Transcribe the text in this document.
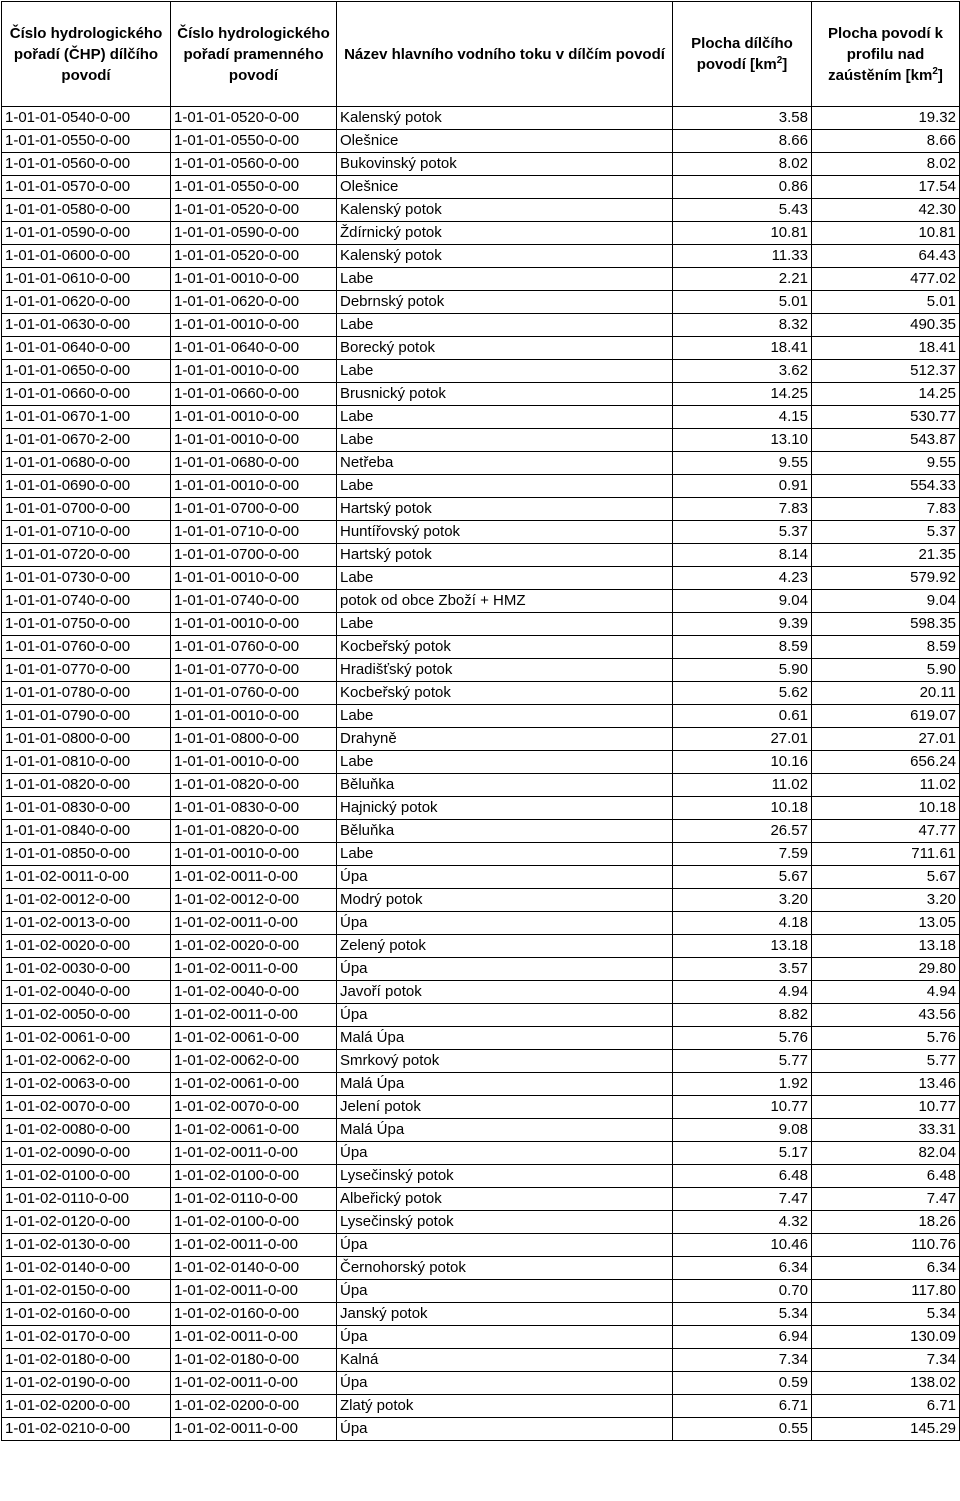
Číslo hydrologického pořadí (ČHP) dílčího povodí	Číslo hydrologického pořadí pramenného povodí	Název hlavního vodního toku v dílčím povodí	Plocha dílčího povodí $[km^2]$	Plocha povodí k profilu nad zaústěním $[km^2]$
1-01-01-0540-0-00	1-01-01-0520-0-00	Kalenský potok	3.58	19.32
1-01-01-0550-0-00	1-01-01-0550-0-00	Olešnice	8.66	8.66
1-01-01-0560-0-00	1-01-01-0560-0-00	Bukovinský potok	8.02	8.02
1-01-01-0570-0-00	1-01-01-0550-0-00	Olešnice	0.86	17.54
1-01-01-0580-0-00	1-01-01-0520-0-00	Kalenský potok	5.43	42.30
1-01-01-0590-0-00	1-01-01-0590-0-00	Ždírnický potok	10.81	10.81
1-01-01-0600-0-00	1-01-01-0520-0-00	Kalenský potok	11.33	64.43
1-01-01-0610-0-00	1-01-01-0010-0-00	Labe	2.21	477.02
1-01-01-0620-0-00	1-01-01-0620-0-00	Debrnský potok	5.01	5.01
1-01-01-0630-0-00	1-01-01-0010-0-00	Labe	8.32	490.35
1-01-01-0640-0-00	1-01-01-0640-0-00	Borecký potok	18.41	18.41
1-01-01-0650-0-00	1-01-01-0010-0-00	Labe	3.62	512.37
1-01-01-0660-0-00	1-01-01-0660-0-00	Brusnický potok	14.25	14.25
1-01-01-0670-1-00	1-01-01-0010-0-00	Labe	4.15	530.77
1-01-01-0670-2-00	1-01-01-0010-0-00	Labe	13.10	543.87
1-01-01-0680-0-00	1-01-01-0680-0-00	Netřeba	9.55	9.55
1-01-01-0690-0-00	1-01-01-0010-0-00	Labe	0.91	554.33
1-01-01-0700-0-00	1-01-01-0700-0-00	Hartský potok	7.83	7.83
1-01-01-0710-0-00	1-01-01-0710-0-00	Huntířovský potok	5.37	5.37
1-01-01-0720-0-00	1-01-01-0700-0-00	Hartský potok	8.14	21.35
1-01-01-0730-0-00	1-01-01-0010-0-00	Labe	4.23	579.92
1-01-01-0740-0-00	1-01-01-0740-0-00	potok od obce Zboží + HMZ	9.04	9.04
1-01-01-0750-0-00	1-01-01-0010-0-00	Labe	9.39	598.35
1-01-01-0760-0-00	1-01-01-0760-0-00	Kocbeřský potok	8.59	8.59
1-01-01-0770-0-00	1-01-01-0770-0-00	Hradišťský potok	5.90	5.90
1-01-01-0780-0-00	1-01-01-0760-0-00	Kocbeřský potok	5.62	20.11
1-01-01-0790-0-00	1-01-01-0010-0-00	Labe	0.61	619.07
1-01-01-0800-0-00	1-01-01-0800-0-00	Drahyně	27.01	27.01
1-01-01-0810-0-00	1-01-01-0010-0-00	Labe	10.16	656.24
1-01-01-0820-0-00	1-01-01-0820-0-00	Běluňka	11.02	11.02
1-01-01-0830-0-00	1-01-01-0830-0-00	Hajnický potok	10.18	10.18
1-01-01-0840-0-00	1-01-01-0820-0-00	Běluňka	26.57	47.77
1-01-01-0850-0-00	1-01-01-0010-0-00	Labe	7.59	711.61
1-01-02-0011-0-00	1-01-02-0011-0-00	Úpa	5.67	5.67
1-01-02-0012-0-00	1-01-02-0012-0-00	Modrý potok	3.20	3.20
1-01-02-0013-0-00	1-01-02-0011-0-00	Úpa	4.18	13.05
1-01-02-0020-0-00	1-01-02-0020-0-00	Zelený potok	13.18	13.18
1-01-02-0030-0-00	1-01-02-0011-0-00	Úpa	3.57	29.80
1-01-02-0040-0-00	1-01-02-0040-0-00	Javoří potok	4.94	4.94
1-01-02-0050-0-00	1-01-02-0011-0-00	Úpa	8.82	43.56
1-01-02-0061-0-00	1-01-02-0061-0-00	Malá Úpa	5.76	5.76
1-01-02-0062-0-00	1-01-02-0062-0-00	Smrkový potok	5.77	5.77
1-01-02-0063-0-00	1-01-02-0061-0-00	Malá Úpa	1.92	13.46
1-01-02-0070-0-00	1-01-02-0070-0-00	Jelení potok	10.77	10.77
1-01-02-0080-0-00	1-01-02-0061-0-00	Malá Úpa	9.08	33.31
1-01-02-0090-0-00	1-01-02-0011-0-00	Úpa	5.17	82.04
1-01-02-0100-0-00	1-01-02-0100-0-00	Lysečinský potok	6.48	6.48
1-01-02-0110-0-00	1-01-02-0110-0-00	Albeřický potok	7.47	7.47
1-01-02-0120-0-00	1-01-02-0100-0-00	Lysečinský potok	4.32	18.26
1-01-02-0130-0-00	1-01-02-0011-0-00	Úpa	10.46	110.76
1-01-02-0140-0-00	1-01-02-0140-0-00	Černohorský potok	6.34	6.34
1-01-02-0150-0-00	1-01-02-0011-0-00	Úpa	0.70	117.80
1-01-02-0160-0-00	1-01-02-0160-0-00	Janský potok	5.34	5.34
1-01-02-0170-0-00	1-01-02-0011-0-00	Úpa	6.94	130.09
1-01-02-0180-0-00	1-01-02-0180-0-00	Kalná	7.34	7.34
1-01-02-0190-0-00	1-01-02-0011-0-00	Úpa	0.59	138.02
1-01-02-0200-0-00	1-01-02-0200-0-00	Zlatý potok	6.71	6.71
1-01-02-0210-0-00	1-01-02-0011-0-00	Úpa	0.55	145.29
